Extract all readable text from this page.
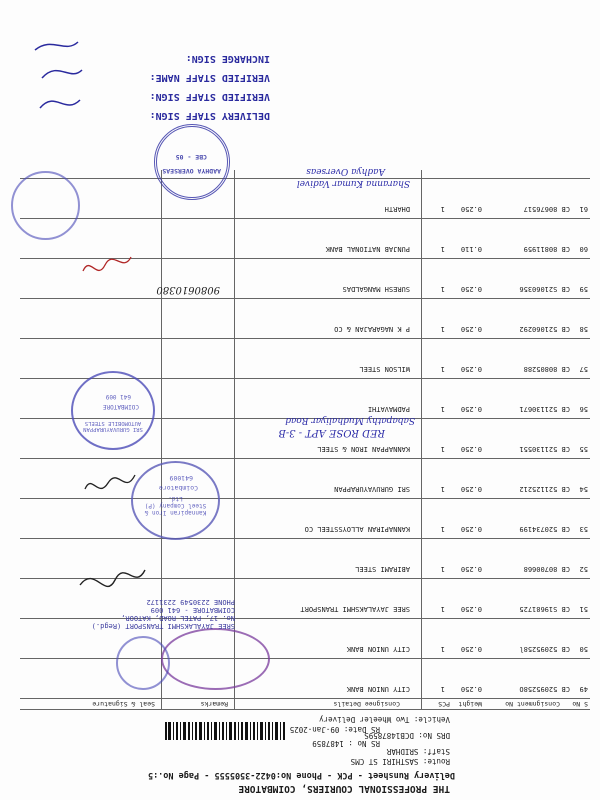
THE PROFESSIONAL COURIERS, COIMBATORE
Delivery Runsheet - PCK - Phone No:0422-3505555 - Page No.:5
Route: SASTHIRI ST CMS
Staff: SRIDHAR
RS No : 1487859
DRS No: DCB1487859S
RS Date: 09-Jan-2025
Vehicle: Two Wheeler Delivery
S No
Consignment No
Weight
PCS
Consignee Details
Remarks
Seal & Signature
49
CB 52095258O
0.250
1
CITY UNION BANK
50
CB 52095258l
0.250
1
CITY UNION BANK
51
CB S19681725
0.250
1
SREE JAYALAKSHMI TRANSPORT
52
CB 80700668
0.250
1
ABIRAMI STEEL
53
CB 520734199
0.250
1
KANNAPIRAN ALLOYSSTEEL CO
54
CB 521125212
0.250
1
SRI GURUVAYURAPPAN
55
CB 521130551
0.250
1
KANNAPPAN IRON & STEEL
56
CB 521130671
0.250
1
PADMAVATHI
57
CB 80805288
0.250
1
WILSON STEEL
58
CB 521060292
0.250
1
P K NAGARAJAN & CO
59
CB S21060356
0.250
1
SURESH MANGALDAS
60
CB 80811959
0.110
1
PUNJAB NATIONAL BANK
61
CB 80676517
0.250
1
DHARTH
RED ROSE APT - 3-B
Sabapathy Mudhaliyar Road
9080610380
Sharanna Kumar Vadivel
Aadhya Overseas
SREE JAYALAKSHMI TRANSPORT (Regd.)
No. 17, PATEL ROAD, KATOOR,
COIMBATORE - 641 009
PHONE 2230549 2231172
Kannapiran Iron & Steel Company (P) Ltd.
Coimbatore
641009
SRI GURUVAYURAPPAN AUTOMOBILE STEELS
COIMBATORE
641 009
AADHYA OVERSEAS
CBE - 05
DELIVERY STAFF SIGN:
VERIFIED STAFF SIGN:
VERIFIED STAFF NAME:
INCHARGE SIGN:
